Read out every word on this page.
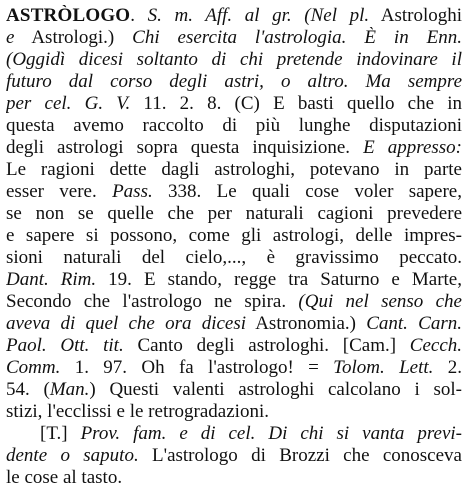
ASTRÒLOGO. S. m. Aff. al gr. (Nel pl. Astrologhi
e Astrologi.) Chi esercita l'astrologia. È in Enn.
(Oggidì dicesi soltanto di chi pretende indovinare il
futuro dal corso degli astri, o altro. Ma sempre
per cel. G. V. 11. 2. 8. (C) E basti quello che in
questa avemo raccolto di più lunghe disputazioni
degli astrologi sopra questa inquisizione. E appresso:
Le ragioni dette dagli astrologhi, potevano in parte
esser vere. Pass. 338. Le quali cose voler sapere,
se non se quelle che per naturali cagioni prevedere
e sapere si possono, come gli astrologi, delle impres-
sioni naturali del cielo,..., è gravissimo peccato.
Dant. Rim. 19. E stando, regge tra Saturno e Marte,
Secondo che l'astrologo ne spira. (Qui nel senso che
aveva di quel che ora dicesi Astronomia.) Cant. Carn.
Paol. Ott. tit. Canto degli astrologhi. [Cam.] Cecch.
Comm. 1. 97. Oh fa l'astrologo! = Tolom. Lett. 2.
54. (Man.) Questi valenti astrologhi calcolano i sol-
stizi, l'ecclissi e le retrogradazioni.
[T.] Prov. fam. e di cel. Di chi si vanta previ-
dente o saputo. L'astrologo di Brozzi che conosceva
le cose al tasto.
